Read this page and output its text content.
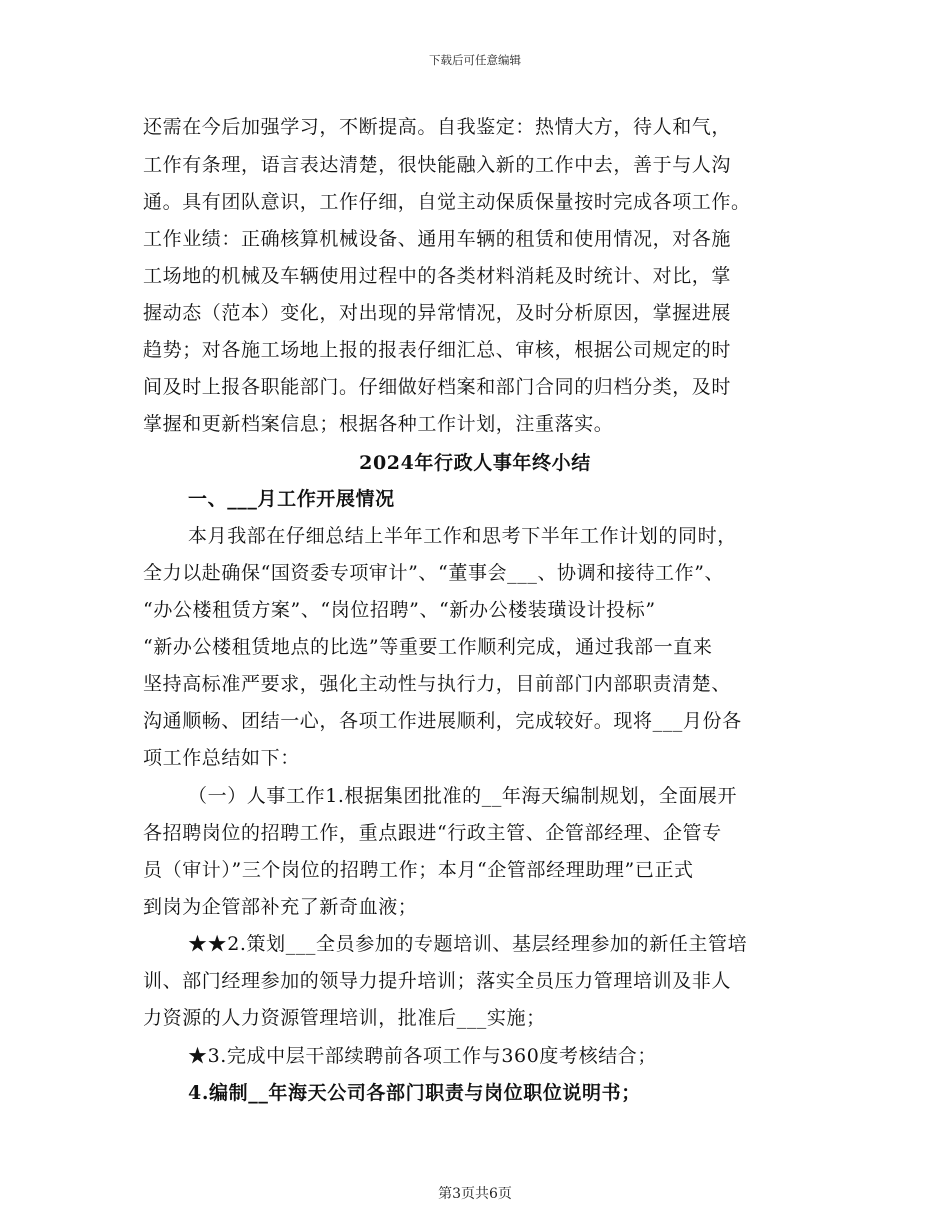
下载后可任意编辑
还需在今后加强学习，不断提高。自我鉴定：热情大方，待人和气，
工作有条理，语言表达清楚，很快能融入新的工作中去，善于与人沟
通。具有团队意识，工作仔细，自觉主动保质保量按时完成各项工作。
工作业绩：正确核算机械设备、通用车辆的租赁和使用情况，对各施
工场地的机械及车辆使用过程中的各类材料消耗及时统计、对比，掌
握动态（范本）变化，对出现的异常情况，及时分析原因，掌握进展
趋势；对各施工场地上报的报表仔细汇总、审核，根据公司规定的时
间及时上报各职能部门。仔细做好档案和部门合同的归档分类，及时
掌握和更新档案信息；根据各种工作计划，注重落实。
2024年行政人事年终小结
一、___月工作开展情况
本月我部在仔细总结上半年工作和思考下半年工作计划的同时，
全力以赴确保“国资委专项审计”、“董事会___、协调和接待工作”、
“办公楼租赁方案”、“岗位招聘”、“新办公楼装璜设计投标”
“新办公楼租赁地点的比选”等重要工作顺利完成，通过我部一直来
坚持高标准严要求，强化主动性与执行力，目前部门内部职责清楚、
沟通顺畅、团结一心，各项工作进展顺利，完成较好。现将___月份各
项工作总结如下：
（一）人事工作1.根据集团批准的__年海天编制规划，全面展开
各招聘岗位的招聘工作，重点跟进“行政主管、企管部经理、企管专
员（审计）”三个岗位的招聘工作；本月“企管部经理助理”已正式
到岗为企管部补充了新奇血液；
★★2.策划___全员参加的专题培训、基层经理参加的新任主管培
训、部门经理参加的领导力提升培训；落实全员压力管理培训及非人
力资源的人力资源管理培训，批准后___实施；
★3.完成中层干部续聘前各项工作与360度考核结合；
4.编制__年海天公司各部门职责与岗位职位说明书；
第3页共6页
